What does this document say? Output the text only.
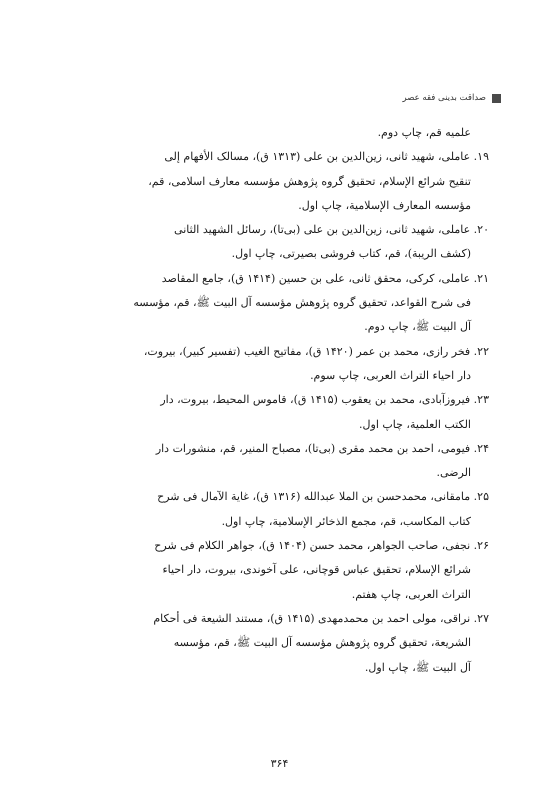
صداقت بدینی فقه عصر
علمیه قم، چاپ دوم.
۱۹. عاملی، شهید ثانی، زین‌الدین بن علی (۱۳۱۳ ق)، مسالک الأفهام إلی
تنقیح شرائع الإسلام، تحقیق گروه پژوهش مؤسسه معارف اسلامی، قم،
مؤسسه المعارف الإسلامیة، چاپ اول.
۲۰. عاملی، شهید ثانی، زین‌الدین بن علی (بی‌تا)، رسائل الشهید الثانی
(کشف الریبة)، قم، کتاب فروشی بصیرتی، چاپ اول.
۲۱. عاملی، کرکی، محقق ثانی، علی بن حسین (۱۴۱۴ ق)، جامع المقاصد
فی شرح القواعد، تحقیق گروه پژوهش مؤسسه آل البیت ﷺ، قم، مؤسسه
آل البیت ﷺ، چاپ دوم.
۲۲. فخر رازی، محمد بن عمر (۱۴۲۰ ق)، مفاتیح الغیب (تفسیر کبیر)، بیروت،
دار احیاء التراث العربی، چاپ سوم.
۲۳. فیروزآبادی، محمد بن یعقوب (۱۴۱۵ ق)، قاموس المحیط، بیروت، دار
الکتب العلمیة، چاپ اول.
۲۴. فیومی، احمد بن محمد مقری (بی‌تا)، مصباح المنیر، قم، منشورات دار
الرضی.
۲۵. مامقانی، محمدحسن بن الملا عبدالله (۱۳۱۶ ق)، غایة الآمال فی شرح
کتاب المکاسب، قم، مجمع الذخائر الإسلامیة، چاپ اول.
۲۶. نجفی، صاحب الجواهر، محمد حسن (۱۴۰۴ ق)، جواهر الکلام فی شرح
شرائع الإسلام، تحقیق عباس قوچانی، علی آخوندی، بیروت، دار احیاء
التراث العربی، چاپ هفتم.
۲۷. نراقی، مولی احمد بن محمدمهدی (۱۴۱۵ ق)، مستند الشیعة فی أحکام
الشریعة، تحقیق گروه پژوهش مؤسسه آل البیت ﷺ، قم، مؤسسه
آل البیت ﷺ، چاپ اول.
۳۶۴
